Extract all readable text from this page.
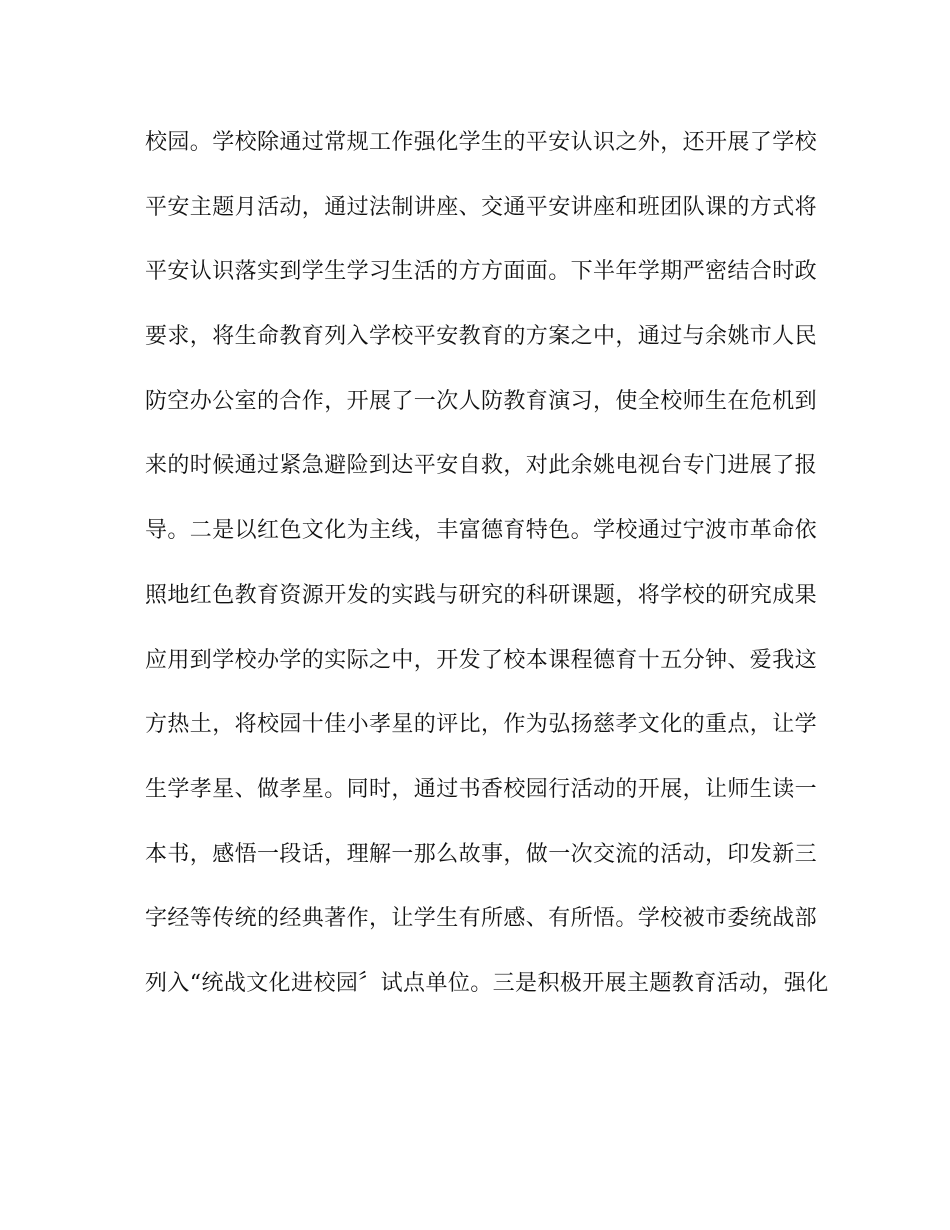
校园。学校除通过常规工作强化学生的平安认识之外，还开展了学校
平安主题月活动，通过法制讲座、交通平安讲座和班团队课的方式将
平安认识落实到学生学习生活的方方面面。下半年学期严密结合时政
要求，将生命教育列入学校平安教育的方案之中，通过与余姚市人民
防空办公室的合作，开展了一次人防教育演习，使全校师生在危机到
来的时候通过紧急避险到达平安自救，对此余姚电视台专门进展了报
导。二是以红色文化为主线，丰富德育特色。学校通过宁波市革命依
照地红色教育资源开发的实践与研究的科研课题，将学校的研究成果
应用到学校办学的实际之中，开发了校本课程德育十五分钟、爱我这
方热土，将校园十佳小孝星的评比，作为弘扬慈孝文化的重点，让学
生学孝星、做孝星。同时，通过书香校园行活动的开展，让师生读一
本书，感悟一段话，理解一那么故事，做一次交流的活动，印发新三
字经等传统的经典著作，让学生有所感、有所悟。学校被市委统战部
列入“统战文化进校园〞试点单位。三是积极开展主题教育活动，强化
